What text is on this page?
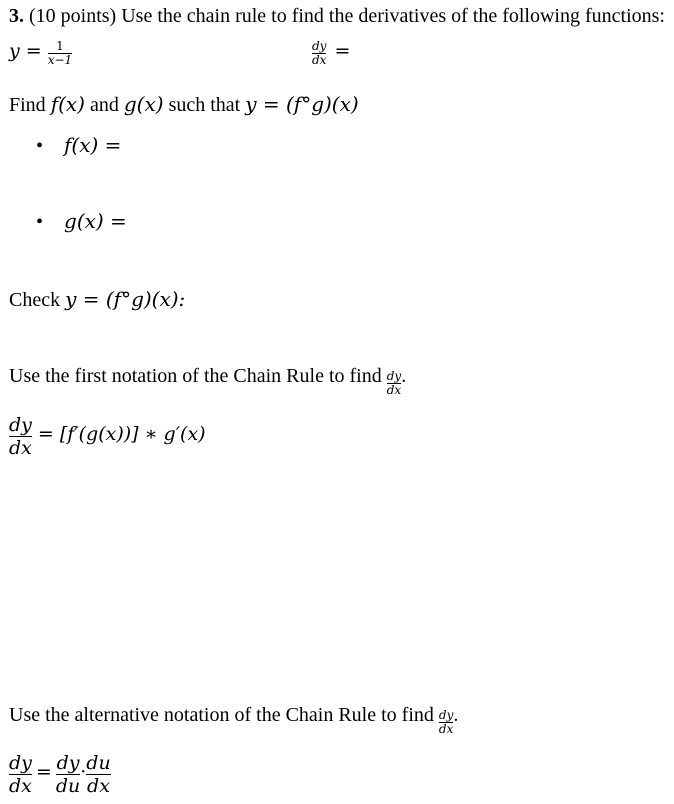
3. (10 points) Use the chain rule to find the derivatives of the following functions:
$y = \frac{1}{x-1}$	$\frac{dy}{dx}$ =
Find f(x) and g(x) such that y = (f°g)(x)
• f(x) =
• g(x) =
Check y = (f°g)(x):
Use the first notation of the Chain Rule to find $\frac{dy}{dx}$ .
$\frac{dy}{dx} = [f'(g(x))]$ ∗ g′(x)
Use the alternative notation of the Chain Rule to find $\frac{dy}{dx}$ .
$\frac{dy}{dx} = \frac{dy}{du} \cdot \frac{du}{dx}$
